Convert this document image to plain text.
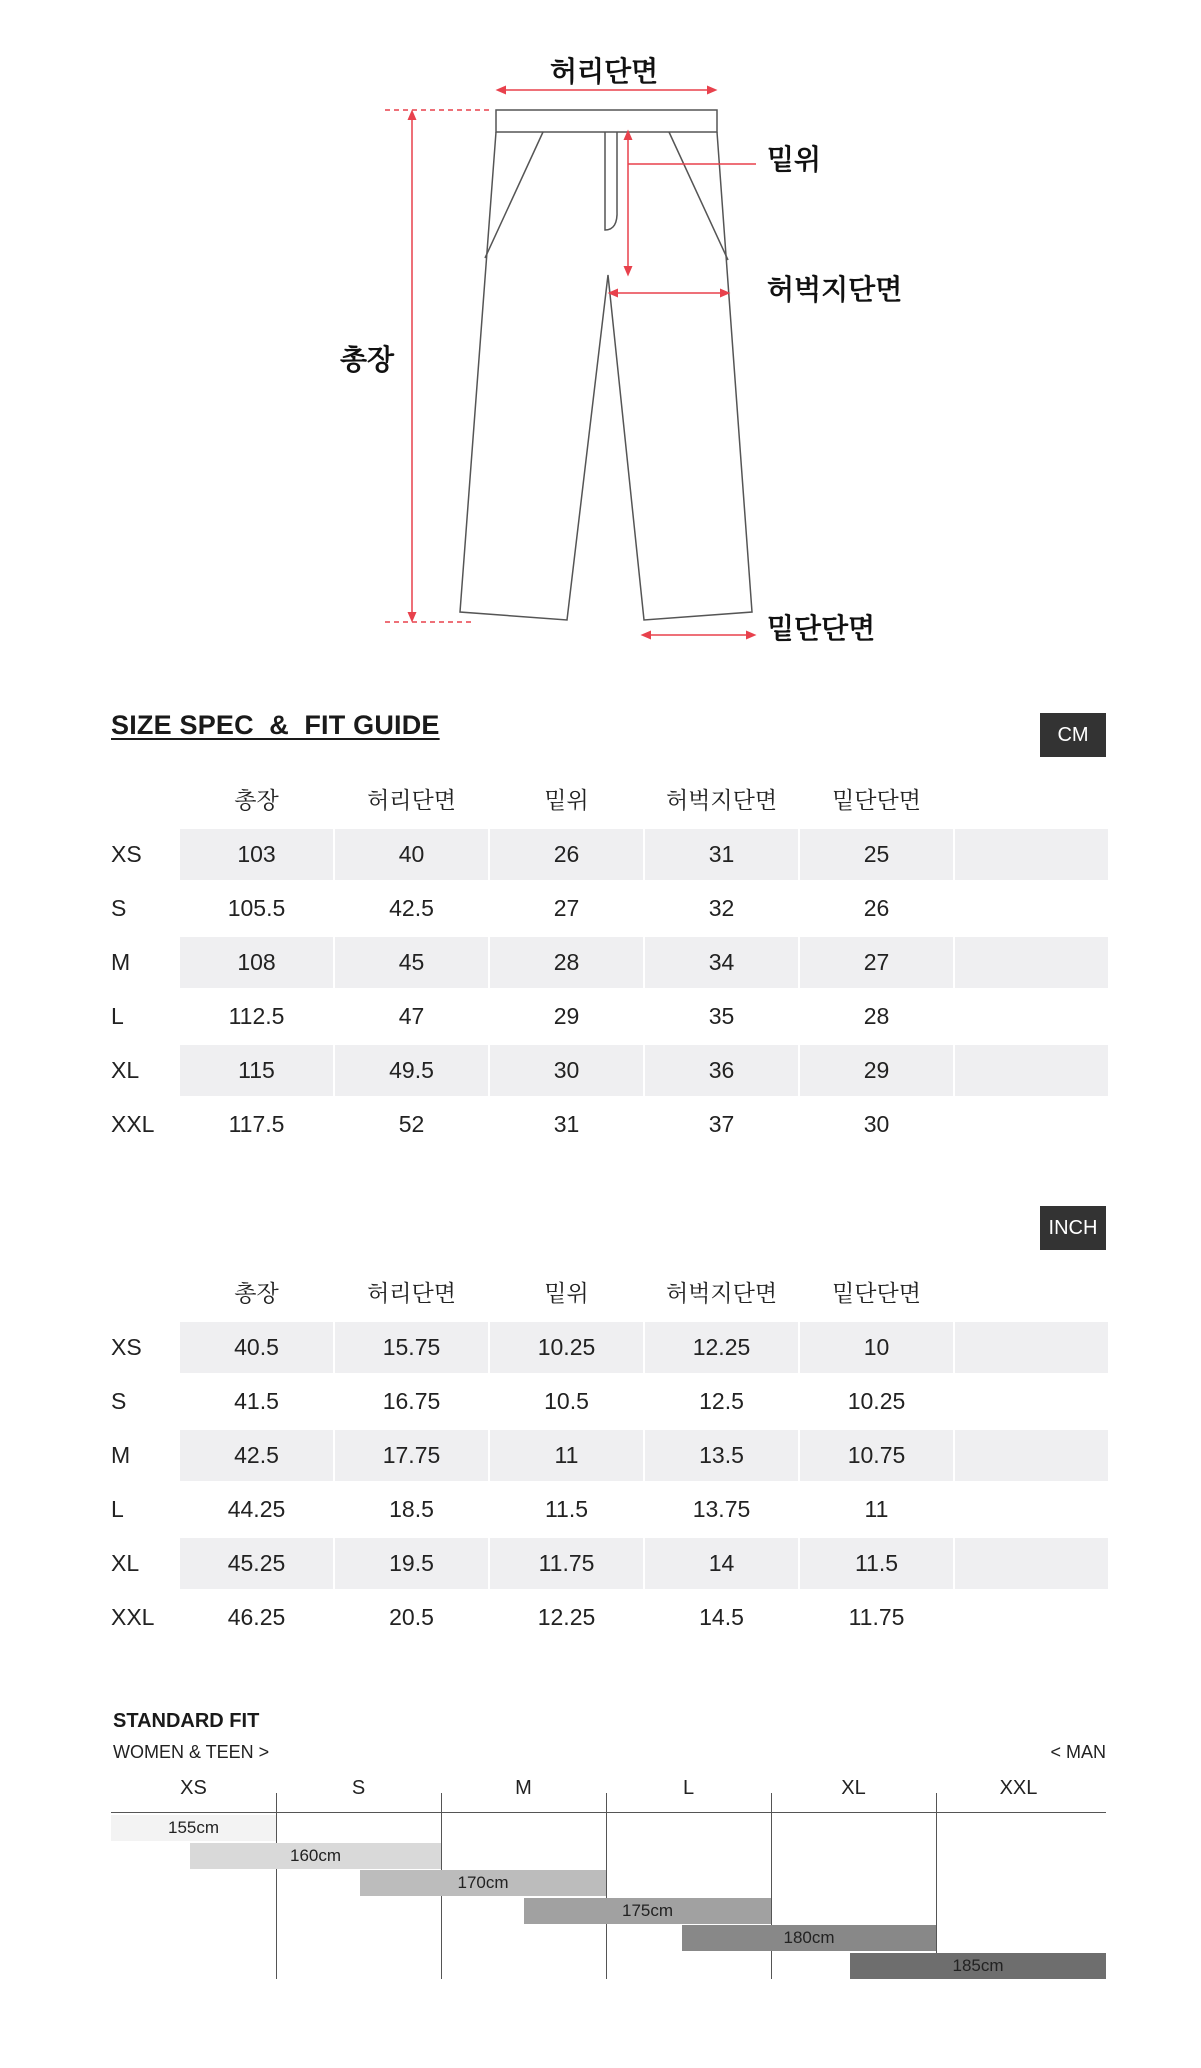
허리단면
밑위
허벅지단면
총장
밑단단면
SIZE SPEC  &  FIT GUIDE	CM
총장	허리단면	밑위	허벅지단면	밑단단면
XS	103	40	26	31	25
S	105.5	42.5	27	32	26
M	108	45	28	34	27
L	112.5	47	29	35	28
XL	115	49.5	30	36	29
XXL	117.5	52	31	37	30
INCH
총장	허리단면	밑위	허벅지단면	밑단단면
XS	40.5	15.75	10.25	12.25	10
S	41.5	16.75	10.5	12.5	10.25
M	42.5	17.75	11	13.5	10.75
L	44.25	18.5	11.5	13.75	11
XL	45.25	19.5	11.75	14	11.5
XXL	46.25	20.5	12.25	14.5	11.75
STANDARD FIT
WOMEN & TEEN >	< MAN
XS	S	M	L	XL	XXL
155cm
160cm
170cm
175cm
180cm
185cm
